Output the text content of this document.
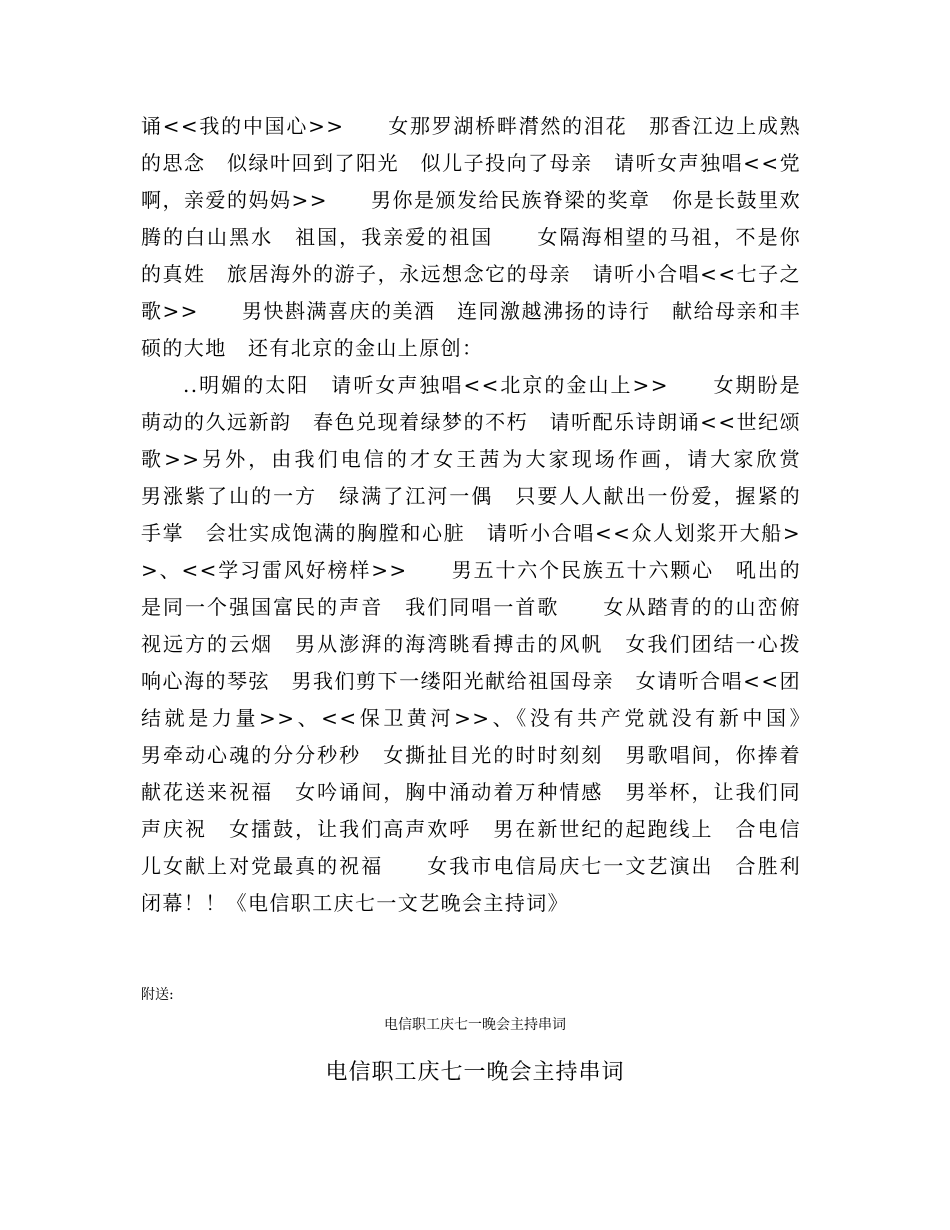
诵<<我的中国心>>　　女那罗湖桥畔潸然的泪花　那香江边上成熟的思念　似绿叶回到了阳光　似儿子投向了母亲　请听女声独唱<<党啊，亲爱的妈妈>>　　男你是颁发给民族脊梁的奖章　你是长鼓里欢腾的白山黑水　祖国，我亲爱的祖国　　女隔海相望的马祖，不是你的真姓　旅居海外的游子，永远想念它的母亲　请听小合唱<<七子之歌>>　　男快斟满喜庆的美酒　连同激越沸扬的诗行　献给母亲和丰硕的大地　还有北京的金山上原创：

..明媚的太阳　请听女声独唱<<北京的金山上>>　　女期盼是萌动的久远新韵　春色兑现着绿梦的不朽　请听配乐诗朗诵<<世纪颂歌>>另外，由我们电信的才女王茜为大家现场作画，请大家欣赏　　男涨紫了山的一方　绿满了江河一偶　只要人人献出一份爱，握紧的手掌　会壮实成饱满的胸膛和心脏　请听小合唱<<众人划浆开大船>>、<<学习雷风好榜样>>　　男五十六个民族五十六颗心　吼出的是同一个强国富民的声音　我们同唱一首歌　　女从踏青的的山峦俯视远方的云烟　男从澎湃的海湾眺看搏击的风帆　女我们团结一心拨响心海的琴弦　男我们剪下一缕阳光献给祖国母亲　女请听合唱<<团结就是力量>>、<<保卫黄河>>、《没有共产党就没有新中国》　　男牵动心魂的分分秒秒　女撕扯目光的时时刻刻　男歌唱间，你捧着献花送来祝福　女吟诵间，胸中涌动着万种情感　男举杯，让我们同声庆祝　女擂鼓，让我们高声欢呼　男在新世纪的起跑线上　合电信儿女献上对党最真的祝福　　女我市电信局庆七一文艺演出　合胜利闭幕！！《电信职工庆七一文艺晚会主持词》

附送:

电信职工庆七一晚会主持串词

电信职工庆七一晚会主持串词
